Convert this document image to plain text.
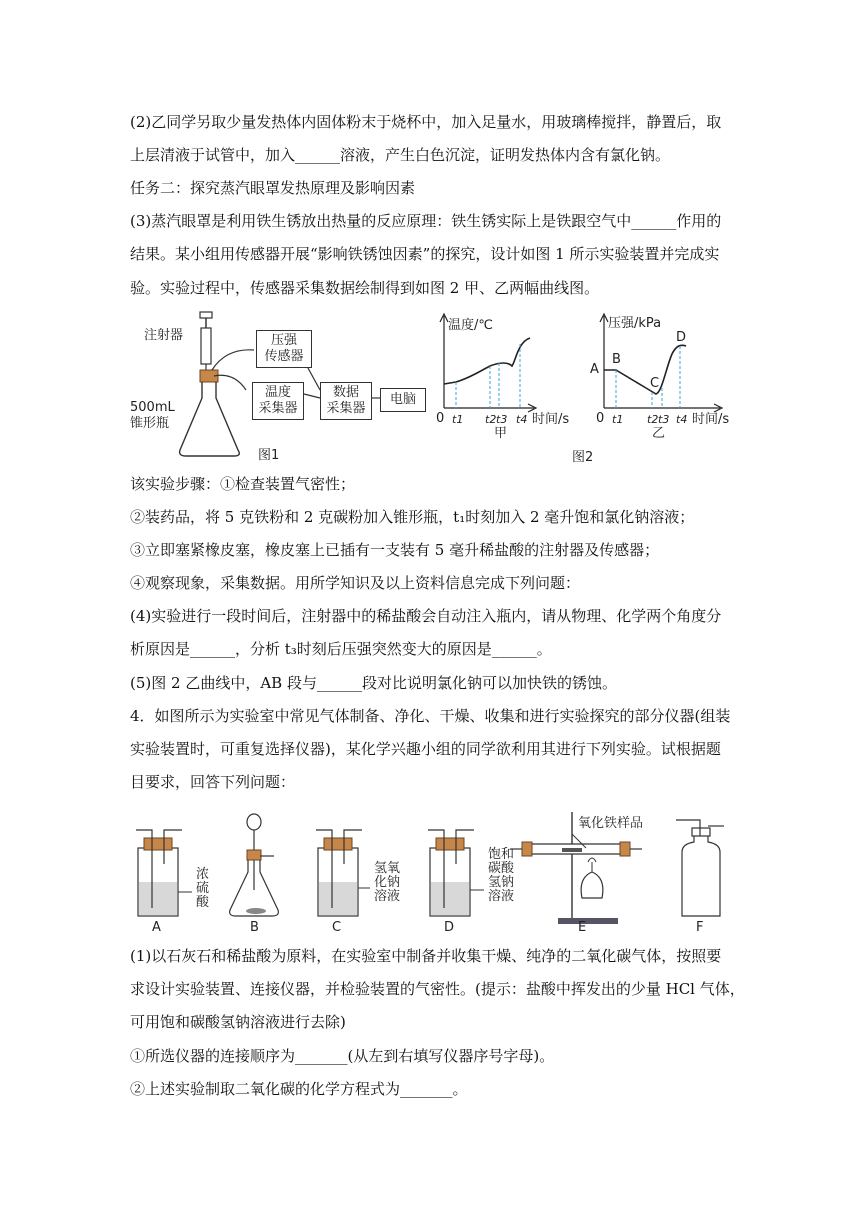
(2)乙同学另取少量发热体内固体粉末于烧杯中，加入足量水，用玻璃棒搅拌，静置后，取
上层清液于试管中，加入______溶液，产生白色沉淀，证明发热体内含有氯化钠。
任务二：探究蒸汽眼罩发热原理及影响因素
(3)蒸汽眼罩是利用铁生锈放出热量的反应原理：铁生锈实际上是铁跟空气中______作用的
结果。某小组用传感器开展“影响铁锈蚀因素”的探究，设计如图 1 所示实验装置并完成实
验。实验过程中，传感器采集数据绘制得到如图 2 甲、乙两幅曲线图。
注射器
500mL
锥形瓶
压强
传感器
温度
采集器
数据
采集器
电脑
图1
温度/℃
0 t1 t2 t3 t4 时间/s
甲
压强/kPa
0 t1 t2 t3 t4 时间/s
乙
A
B
C
D
图2
该实验步骤：①检查装置气密性；
②装药品，将 5 克铁粉和 2 克碳粉加入锥形瓶，t₁时刻加入 2 毫升饱和氯化钠溶液；
③立即塞紧橡皮塞，橡皮塞上已插有一支装有 5 毫升稀盐酸的注射器及传感器；
④观察现象，采集数据。用所学知识及以上资料信息完成下列问题：
(4)实验进行一段时间后，注射器中的稀盐酸会自动注入瓶内，请从物理、化学两个角度分
析原因是______，分析 t₃时刻后压强突然变大的原因是______。
(5)图 2 乙曲线中，AB 段与______段对比说明氯化钠可以加快铁的锈蚀。
4．如图所示为实验室中常见气体制备、净化、干燥、收集和进行实验探究的部分仪器(组装
实验装置时，可重复选择仪器)，某化学兴趣小组的同学欲利用其进行下列实验。试根据题
目要求，回答下列问题：
浓
硫
酸
氢氧
化钠
溶液
饱和
碳酸
氢钠
溶液
氧化铁样品
A	B	C	D	E	F
(1)以石灰石和稀盐酸为原料，在实验室中制备并收集干燥、纯净的二氧化碳气体，按照要
求设计实验装置、连接仪器，并检验装置的气密性。(提示：盐酸中挥发出的少量 HCl 气体，
可用饱和碳酸氢钠溶液进行去除)
①所选仪器的连接顺序为_______(从左到右填写仪器序号字母)。
②上述实验制取二氧化碳的化学方程式为_______。
